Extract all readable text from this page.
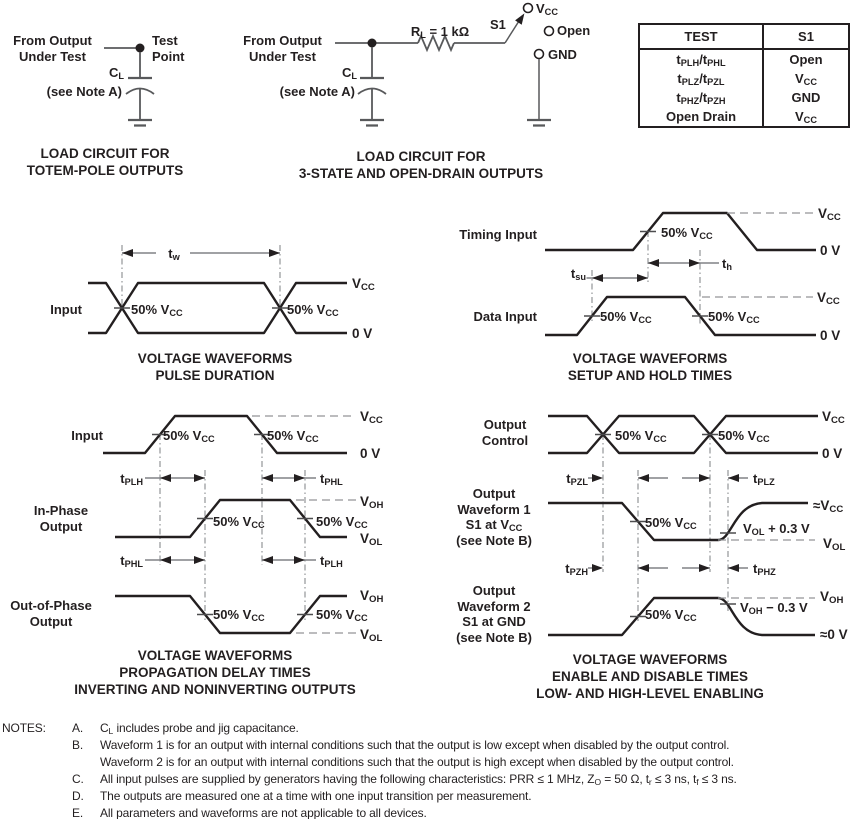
From Output
Under Test
Test
Point
$C_L$
(see Note A)
LOAD CIRCUIT FOR
TOTEM-POLE OUTPUTS
From Output
Under Test
$C_L$
(see Note A)
$R_L = 1$ kΩ	S1
$V_{CC}$
Open
GND
LOAD CIRCUIT FOR
3-STATE AND OPEN-DRAIN OUTPUTS
TEST	S1
$t_{PLH}/t_{PHL}$	Open
$t_{PLZ}/t_{PZL}$	$V_{CC}$
$t_{PHZ}/t_{PZH}$	GND
Open Drain	$V_{CC}$
Input
$t_w$
50% $V_{CC}$	50% $V_{CC}$
$V_{CC}$
0 V
VOLTAGE WAVEFORMS
PULSE DURATION
Timing Input
Data Input
$t_{su}$
$t_h$
50% $V_{CC}$
50% $V_{CC}$	50% $V_{CC}$
$V_{CC}$
0 V
$V_{CC}$
0 V
VOLTAGE WAVEFORMS
SETUP AND HOLD TIMES
Input
In-Phase
Output
Out-of-Phase
Output
$t_{PLH}$	$t_{PHL}$
$t_{PHL}$	$t_{PLH}$
50% $V_{CC}$	50% $V_{CC}$
50% $V_{CC}$	50% $V_{CC}$
50% $V_{CC}$	50% $V_{CC}$
$V_{CC}$
0 V
$V_{OH}$
$V_{OL}$
$V_{OH}$
$V_{OL}$
VOLTAGE WAVEFORMS
PROPAGATION DELAY TIMES
INVERTING AND NONINVERTING OUTPUTS
Output
Control
Output
Waveform 1
S1 at $V_{CC}$
(see Note B)
Output
Waveform 2
S1 at GND
(see Note B)
$t_{PZL}$	$t_{PLZ}$
$t_{PZH}$	$t_{PHZ}$
50% $V_{CC}$	50% $V_{CC}$
50% $V_{CC}$
50% $V_{CC}$
$V_{CC}$
0 V
$\approx V_{CC}$
$V_{OL} + 0.3$ V
$V_{OL}$
$V_{OH}$
$V_{OH} - 0.3$ V
≈0 V
VOLTAGE WAVEFORMS
ENABLE AND DISABLE TIMES
LOW- AND HIGH-LEVEL ENABLING
NOTES:	A.	$C_L$ includes probe and jig capacitance.
B.	Waveform 1 is for an output with internal conditions such that the output is low except when disabled by the output control.
Waveform 2 is for an output with internal conditions such that the output is high except when disabled by the output control.
C.	All input pulses are supplied by generators having the following characteristics: PRR ≤ 1 MHz, $Z_O = 50$ Ω, $t_r \le 3$ ns, $t_f \le 3$ ns.
D.	The outputs are measured one at a time with one input transition per measurement.
E.	All parameters and waveforms are not applicable to all devices.
